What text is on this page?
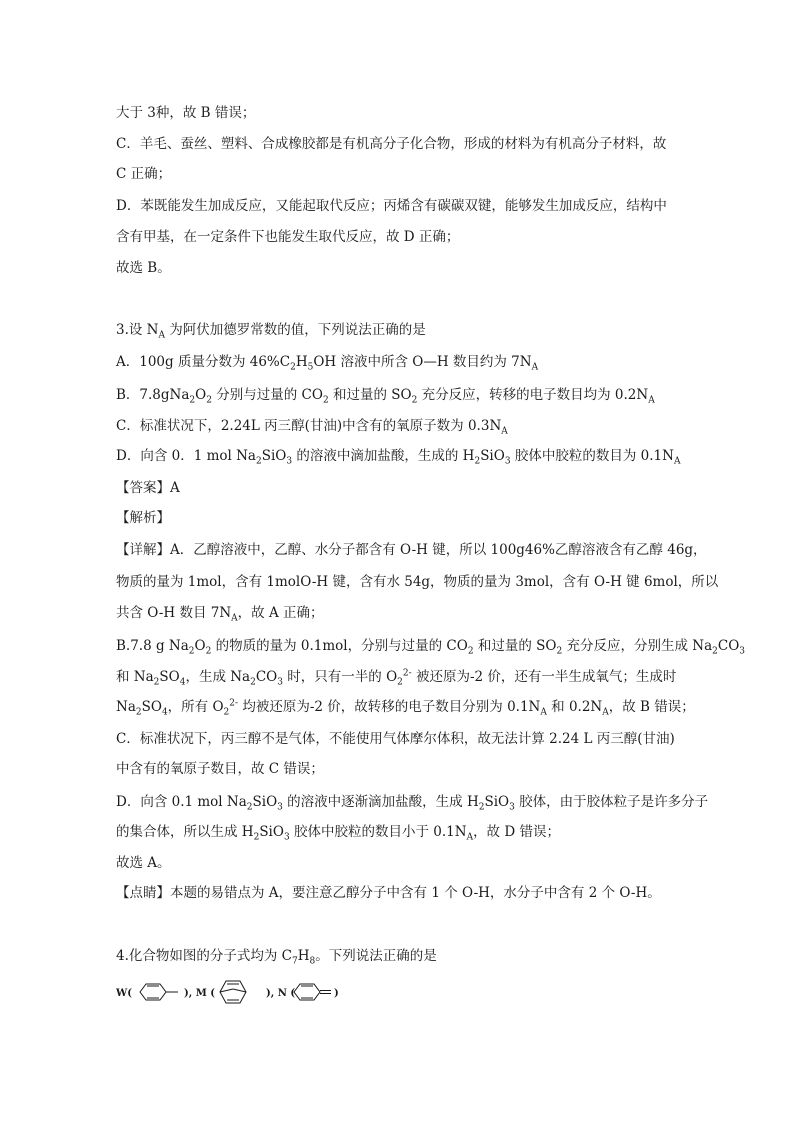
大于 3种，故 B 错误；
C．羊毛、蚕丝、塑料、合成橡胶都是有机高分子化合物，形成的材料为有机高分子材料，故
C 正确；
D．苯既能发生加成反应，又能起取代反应；丙烯含有碳碳双键，能够发生加成反应，结构中
含有甲基，在一定条件下也能发生取代反应，故 D 正确；
故选 B。
3.设 $N_A$ 为阿伏加德罗常数的值，下列说法正确的是
A．100g 质量分数为 $46\%C_2H_5OH$ 溶液中所含 O—H 数目约为 $7N_A$
B．$7.8gNa_2O_2$ 分别与过量的 $CO_2$ 和过量的 $SO_2$ 充分反应，转移的电子数目均为 $0.2N_A$
C．标准状况下，2.24L 丙三醇(甘油)中含有的氧原子数为 $0.3N_A$
D．向含 0．1 mol $Na_2SiO_3$ 的溶液中滴加盐酸，生成的 $H_2SiO_3$ 胶体中胶粒的数目为 $0.1N_A$
【答案】A
【解析】
【详解】A．乙醇溶液中，乙醇、水分子都含有 O-H 键，所以 100g46%乙醇溶液含有乙醇 46g，
物质的量为 1mol，含有 1molO-H 键，含有水 54g，物质的量为 3mol，含有 O-H 键 6mol，所以
共含 O-H 数目 $7N_A$，故 A 正确；
B.7.8 g $Na_2O_2$ 的物质的量为 0.1mol，分别与过量的 $CO_2$ 和过量的 $SO_2$ 充分反应，分别生成 $Na_2CO_3$
和 $Na_2SO_4$，生成 $Na_2CO_3$ 时，只有一半的 $O_2^{2-}$ 被还原为-2 价，还有一半生成氧气；生成时
$Na_2SO_4$，所有 $O_2^{2-}$ 均被还原为-2 价，故转移的电子数目分别为 $0.1N_A$ 和 $0.2N_A$，故 B 错误；
C．标准状况下，丙三醇不是气体，不能使用气体摩尔体积，故无法计算 2.24 L 丙三醇(甘油)
中含有的氧原子数目，故 C 错误；
D．向含 0.1 mol $Na_2SiO_3$ 的溶液中逐渐滴加盐酸，生成 $H_2SiO_3$ 胶体，由于胶体粒子是许多分子
的集合体，所以生成 $H_2SiO_3$ 胶体中胶粒的数目小于 $0.1N_A$，故 D 错误；
故选 A。
【点睛】本题的易错点为 A，要注意乙醇分子中含有 1 个 O-H，水分子中含有 2 个 O-H。
4.化合物如图的分子式均为 $C_7H_8$。下列说法正确的是
W(	), M (	), N (	)
